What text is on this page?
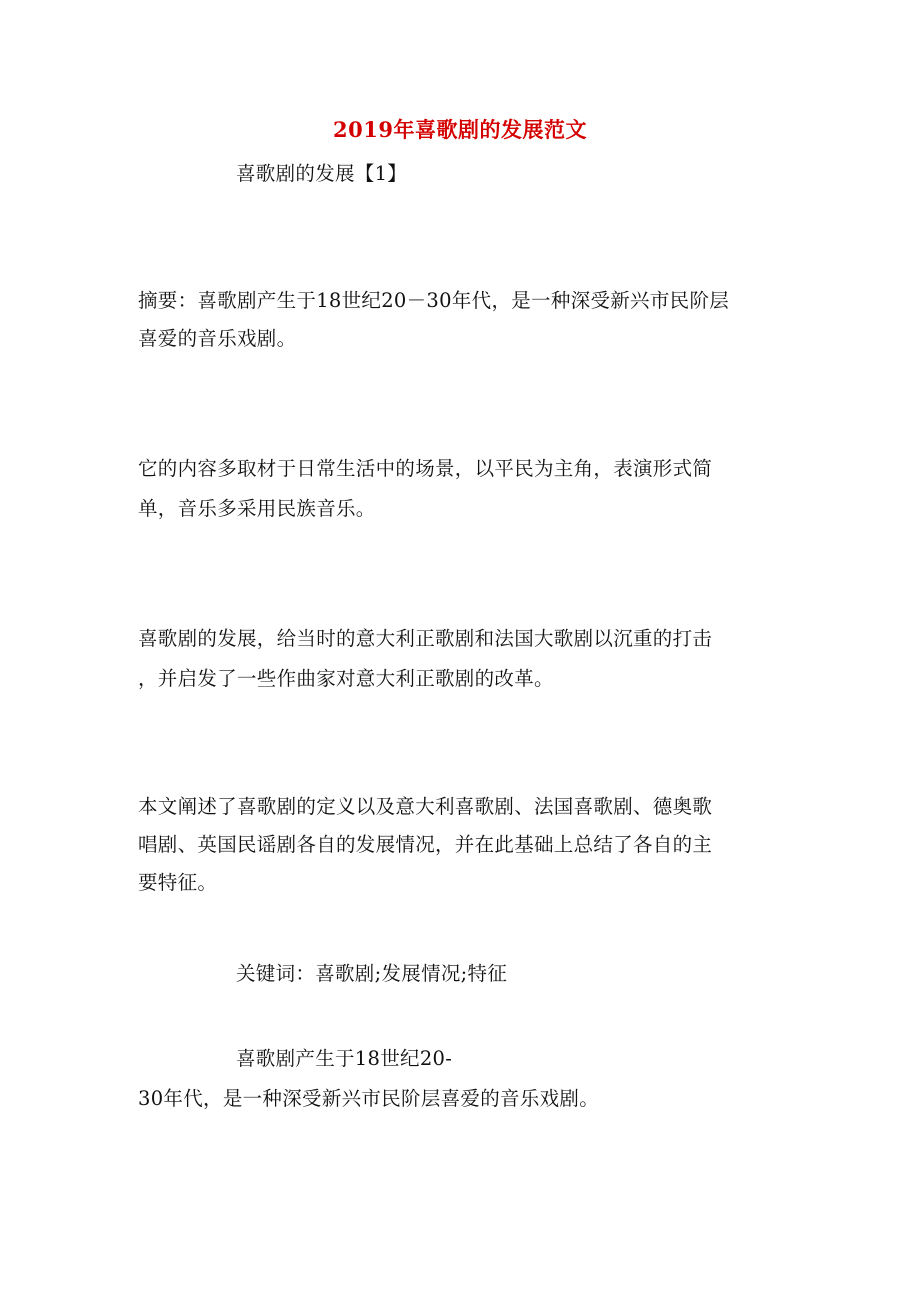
2019年喜歌剧的发展范文
喜歌剧的发展【1】
摘要：喜歌剧产生于18世纪20－30年代，是一种深受新兴市民阶层
喜爱的音乐戏剧。
它的内容多取材于日常生活中的场景，以平民为主角，表演形式简
单，音乐多采用民族音乐。
喜歌剧的发展，给当时的意大利正歌剧和法国大歌剧以沉重的打击
，并启发了一些作曲家对意大利正歌剧的改革。
本文阐述了喜歌剧的定义以及意大利喜歌剧、法国喜歌剧、德奥歌
唱剧、英国民谣剧各自的发展情况，并在此基础上总结了各自的主
要特征。
关键词：喜歌剧;发展情况;特征
喜歌剧产生于18世纪20-
30年代，是一种深受新兴市民阶层喜爱的音乐戏剧。
